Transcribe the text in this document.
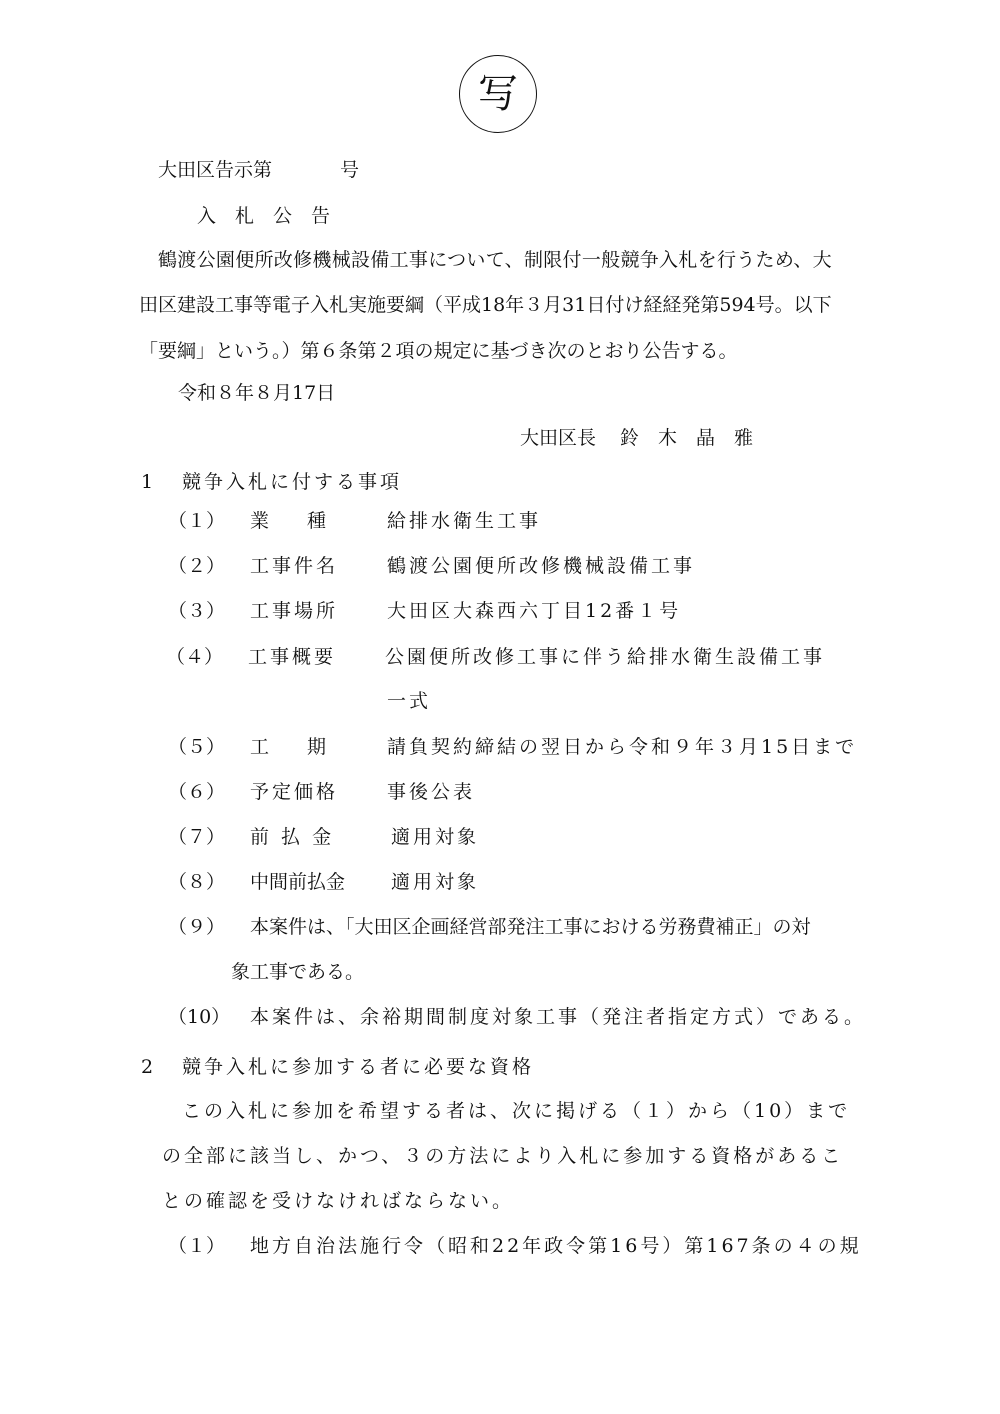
写
大田区告示第	号
入　札　公　告
鶴渡公園便所改修機械設備工事について、制限付一般競争入札を行うため、大
田区建設工事等電子入札実施要綱（平成18年３月31日付け経経発第594号。以下
「要綱」という。）第６条第２項の規定に基づき次のとおり公告する。
令和８年８月17日
大田区長 鈴　木　晶　雅
1 競争入札に付する事項
（１） 業　　種	給排水衛生工事
（２） 工事件名	鶴渡公園便所改修機械設備工事
（３） 工事場所	大田区大森西六丁目12番１号
（４） 工事概要	公園便所改修工事に伴う給排水衛生設備工事
一式
（５） 工　　期	請負契約締結の翌日から令和９年３月15日まで
（６） 予定価格	事後公表
（７） 前 払 金	適用対象
（８） 中間前払金 適用対象
（９） 本案件は、「大田区企画経営部発注工事における労務費補正」の対
象工事である。
（10） 本案件は、余裕期間制度対象工事（発注者指定方式）である。
2 競争入札に参加する者に必要な資格
この入札に参加を希望する者は、次に掲げる（１）から（10）まで
の全部に該当し、かつ、３の方法により入札に参加する資格があるこ
との確認を受けなければならない。
（１） 地方自治法施行令（昭和22年政令第16号）第167条の４の規
